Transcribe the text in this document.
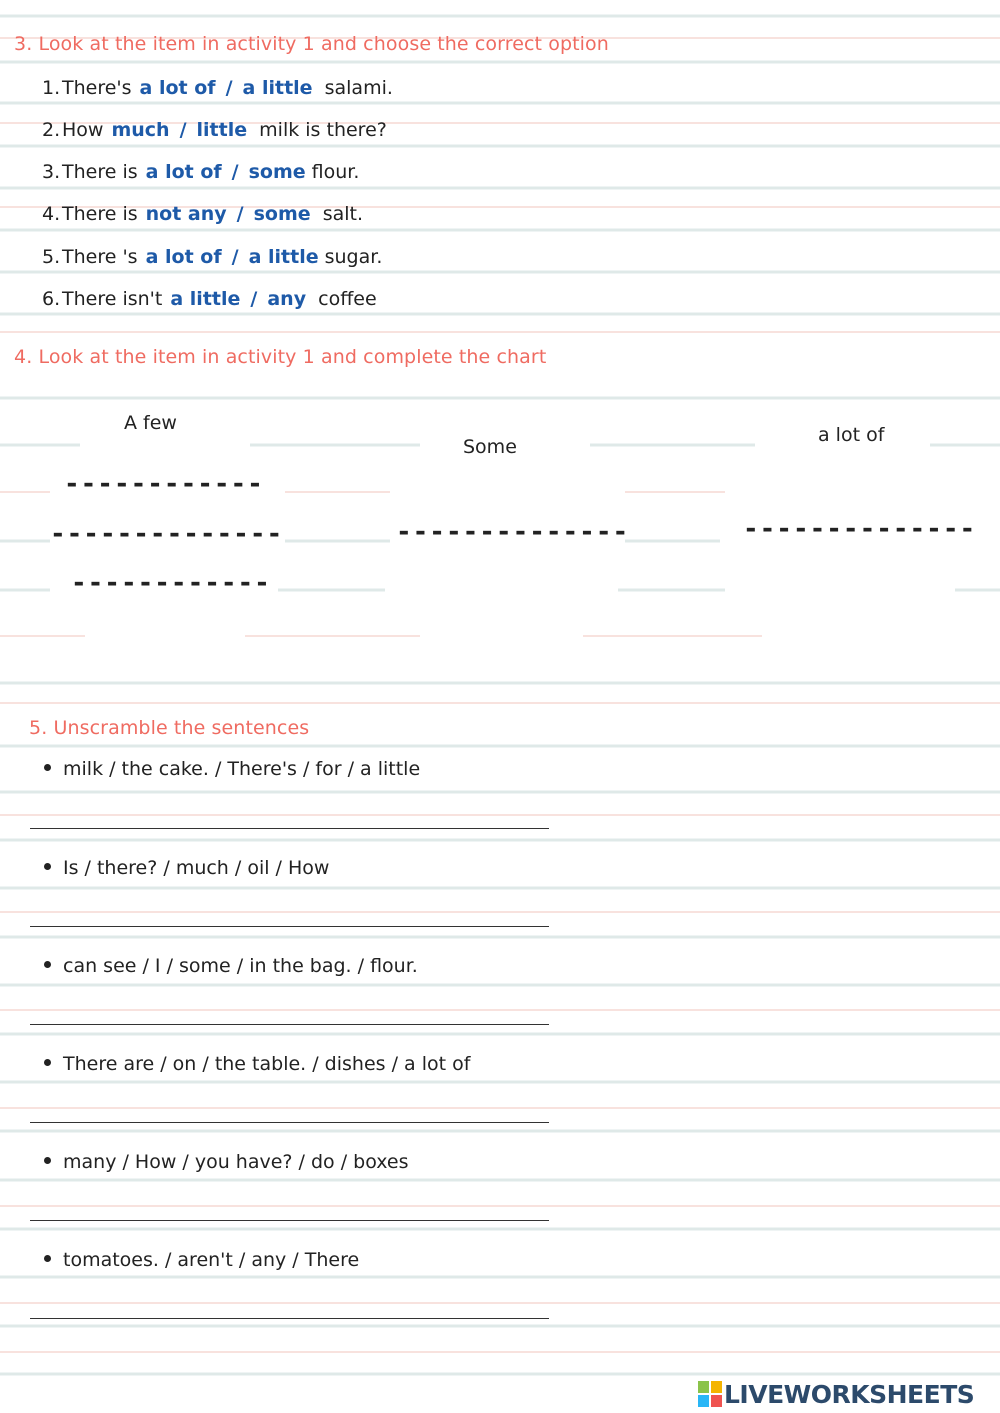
3. Look at the item in activity 1 and choose the correct option
1.There's a lot of / a little salami.
2.How much / little milk is there?
3.There is a lot of / some flour.
4.There is not any / some salt.
5.There 's a lot of / a little sugar.
6.There isn't a little / any coffee
4. Look at the item in activity 1 and complete the chart
A few
Some
a lot of
------------
--------------
------------
--------------	--------------
5. Unscramble the sentences
milk / the cake. / There's / for / a little
Is / there? / much / oil / How
can see / I / some / in the bag. / flour.
There are / on / the table. / dishes / a lot of
many / How / you have? / do / boxes
tomatoes. / aren't / any / There
LIVEWORKSHEETS
